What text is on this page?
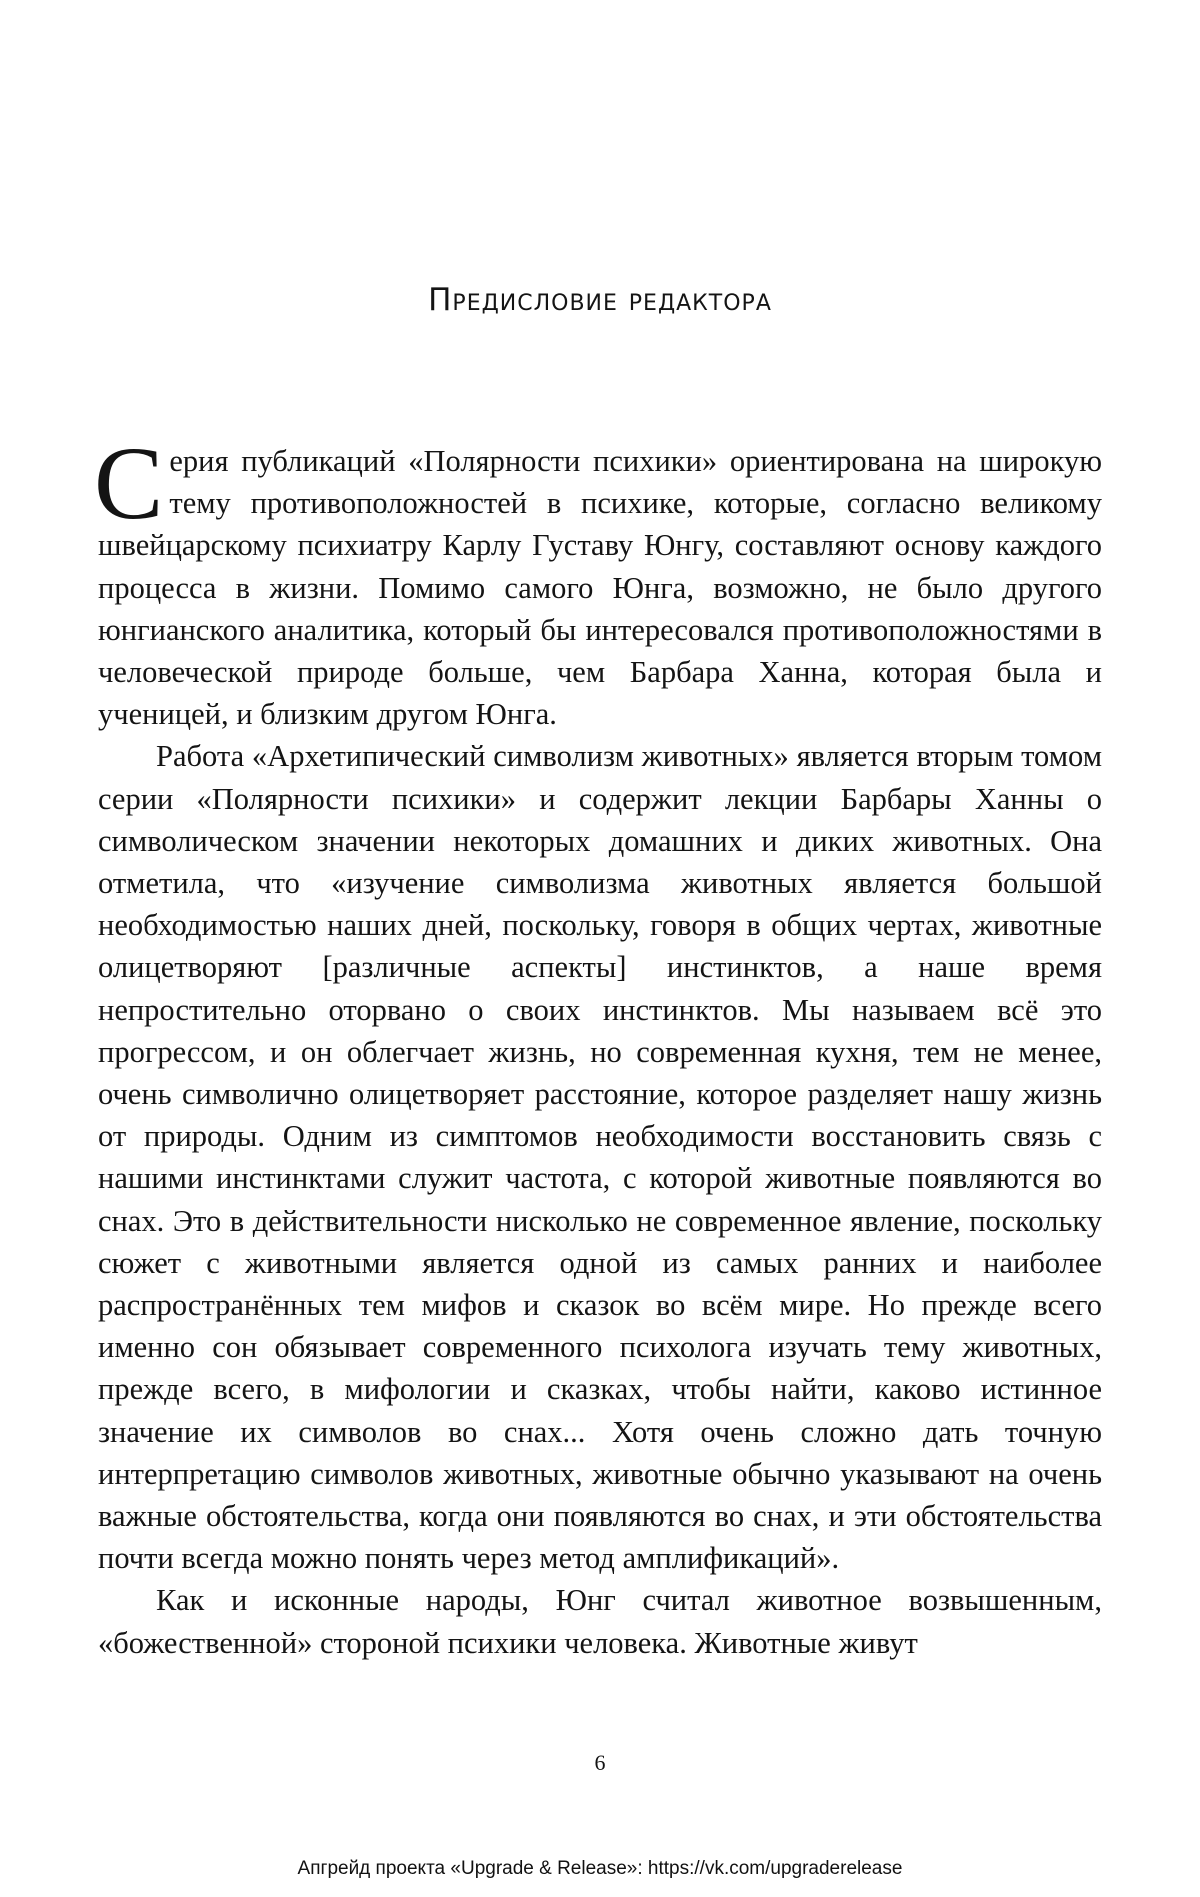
Предисловие редактора

Серия публикаций «Полярности психики» ориентирована на широкую тему противоположностей в психике, которые, согласно великому швейцарскому психиатру Карлу Густаву Юнгу, составляют основу каждого процесса в жизни. Помимо самого Юнга, возможно, не было другого юнгианского аналитика, который бы интересовался противоположностями в человеческой природе больше, чем Барбара Ханна, которая была и ученицей, и близким другом Юнга.

Работа «Архетипический символизм животных» является вторым томом серии «Полярности психики» и содержит лекции Барбары Ханны о символическом значении некоторых домашних и диких животных. Она отметила, что «изучение символизма животных является большой необходимостью наших дней, поскольку, говоря в общих чертах, животные олицетворяют [различные аспекты] инстинктов, а наше время непростительно оторвано о своих инстинктов. Мы называем всё это прогрессом, и он облегчает жизнь, но современная кухня, тем не менее, очень символично олицетворяет расстояние, которое разделяет нашу жизнь от природы. Одним из симптомов необходимости восстановить связь с нашими инстинктами служит частота, с которой животные появляются во снах. Это в действительности нисколько не современное явление, поскольку сюжет с животными является одной из самых ранних и наиболее распространённых тем мифов и сказок во всём мире. Но прежде всего именно сон обязывает современного психолога изучать тему животных, прежде всего, в мифологии и сказках, чтобы найти, каково истинное значение их символов во снах... Хотя очень сложно дать точную интерпретацию символов животных, животные обычно указывают на очень важные обстоятельства, когда они появляются во снах, и эти обстоятельства почти всегда можно понять через метод амплификаций».

Как и исконные народы, Юнг считал животное возвышенным, «божественной» стороной психики человека. Животные живут

6
Апгрейд проекта «Upgrade & Release»: https://vk.com/upgraderelease
